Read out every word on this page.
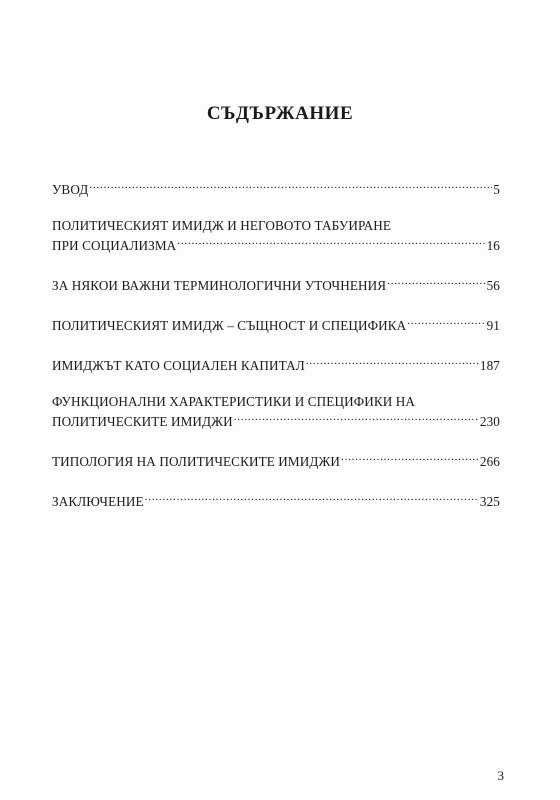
СЪДЪРЖАНИЕ
УВОД .....	5
ПОЛИТИЧЕСКИЯТ ИМИДЖ И НЕГОВОТО ТАБУИРАНЕ
ПРИ СОЦИАЛИЗМА .....	16
ЗА НЯКОИ ВАЖНИ ТЕРМИНОЛОГИЧНИ УТОЧНЕНИЯ .....	56
ПОЛИТИЧЕСКИЯТ ИМИДЖ – СЪЩНОСТ И СПЕЦИФИКА .....	91
ИМИДЖЪТ КАТО СОЦИАЛЕН КАПИТАЛ .....	187
ФУНКЦИОНАЛНИ ХАРАКТЕРИСТИКИ И СПЕЦИФИКИ НА
ПОЛИТИЧЕСКИТЕ ИМИДЖИ .....	230
ТИПОЛОГИЯ НА ПОЛИТИЧЕСКИТЕ ИМИДЖИ .....	266
ЗАКЛЮЧЕНИЕ .....	325
3
